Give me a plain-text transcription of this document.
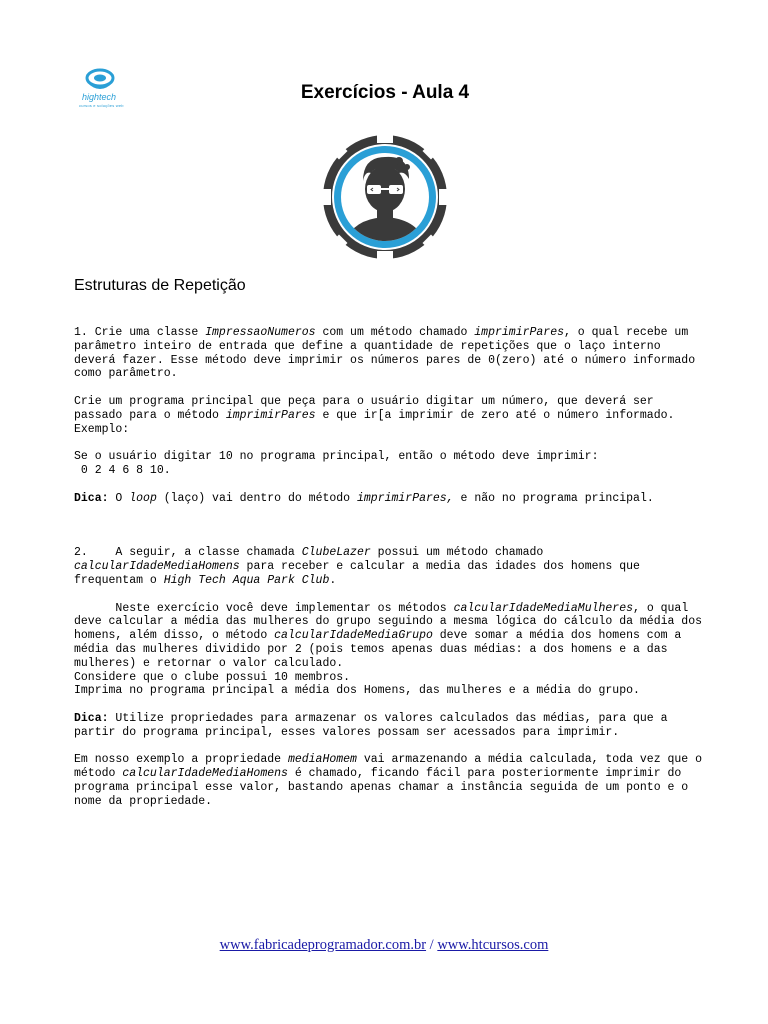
hightech
cursos e soluções web
Exercícios - Aula 4
Estruturas de Repetição

1. Crie uma classe ImpressaoNumeros com um método chamado imprimirPares, o qual recebe um parâmetro inteiro de entrada que define a quantidade de repetições que o laço interno deverá fazer. Esse método deve imprimir os números pares de 0(zero) até o número informado como parâmetro.

Crie um programa principal que peça para o usuário digitar um número, que deverá ser passado para o método imprimirPares e que ir[a imprimir de zero até o número informado. Exemplo:

Se o usuário digitar 10 no programa principal, então o método deve imprimir:
0 2 4 6 8 10.

Dica: O loop (laço) vai dentro do método imprimirPares, e não no programa principal.

2.    A seguir, a classe chamada ClubeLazer possui um método chamado calcularIdadeMediaHomens para receber e calcular a media das idades dos homens que frequentam o High Tech Aqua Park Club.

Neste exercício você deve implementar os métodos calcularIdadeMediaMulheres, o qual deve calcular a média das mulheres do grupo seguindo a mesma lógica do cálculo da média dos homens, além disso, o método calcularIdadeMediaGrupo deve somar a média dos homens com a média das mulheres dividido por 2 (pois temos apenas duas médias: a dos homens e a das mulheres) e retornar o valor calculado.

Considere que o clube possui 10 membros.

Imprima no programa principal a média dos Homens, das mulheres e a média do grupo.

Dica: Utilize propriedades para armazenar os valores calculados das médias, para que a partir do programa principal, esses valores possam ser acessados para imprimir.

Em nosso exemplo a propriedade mediaHomem vai armazenando a média calculada, toda vez que o método calcularIdadeMediaHomens é chamado, ficando fácil para posteriormente imprimir do programa principal esse valor, bastando apenas chamar a instância seguida de um ponto e o nome da propriedade.

www.fabricadeprogramador.com.br / www.htcursos.com
